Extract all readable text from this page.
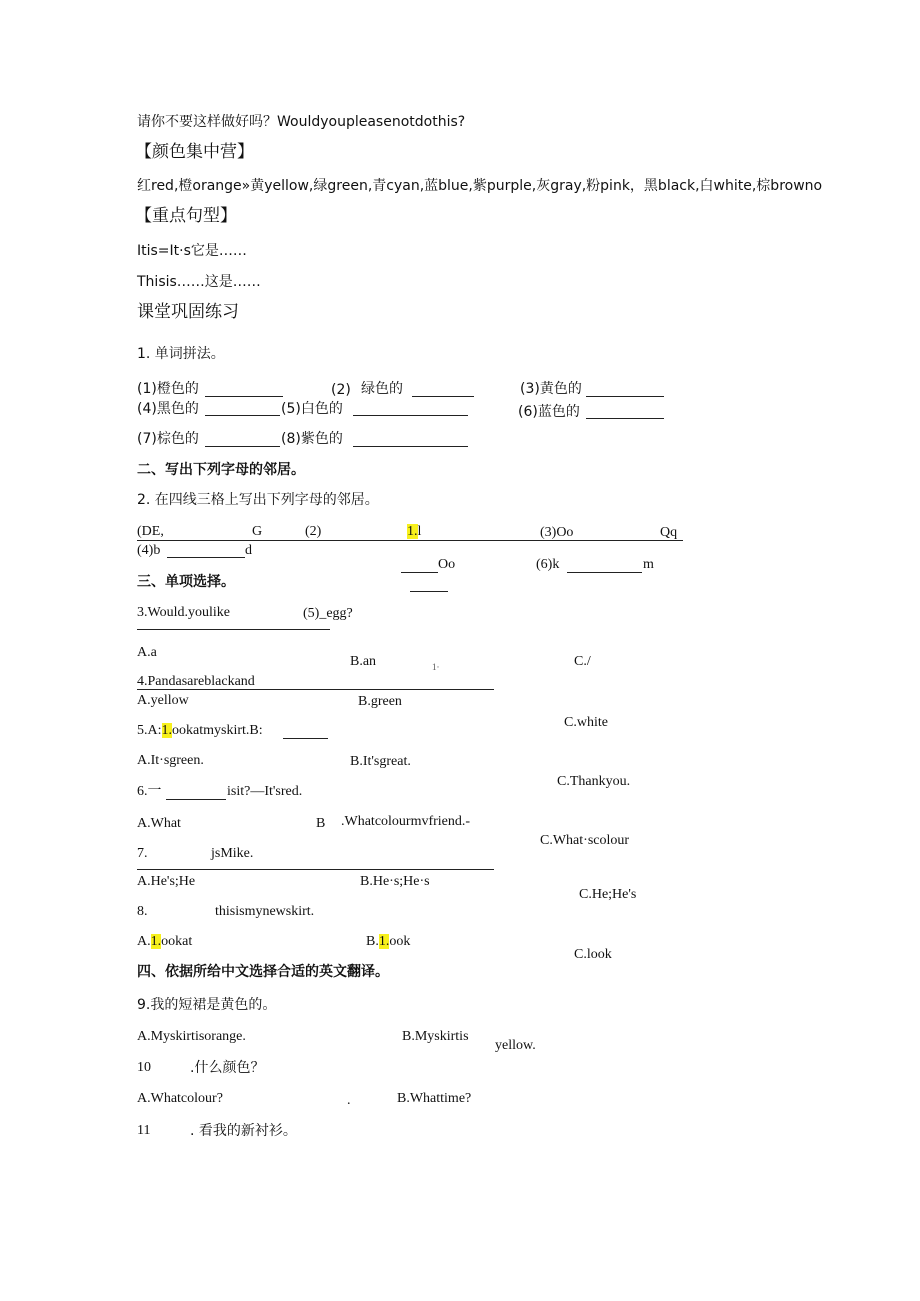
请你不要这样做好吗？Wouldyoupleasenotdothis?
【颜色集中营】
红red,橙orange»黄yellow,绿green,青cyan,蓝blue,紫purple,灰gray,粉pink，黑black,白white,棕browno
【重点句型】
Itis=It·s它是……
Thisis……这是……
课堂巩固练习
1. 单词拼法。
(1)橙色的	(2) 绿色的	(3)黄色的
(4)黑色的	(5)白色的	(6)蓝色的
(7)棕色的	(8)紫色的
二、写出下列字母的邻居。
2. 在四线三格上写出下列字母的邻居。
(DE,	G	(2)	1.l	(3)Oo	Qq
(4)b	d
Oo	(6)k	m
三、单项选择。
3.Would.youlike	(5)_egg?
A.a
B.an	1·	C./
4.Pandasareblackand
A.yellow	B.green
C.white
5.A:1.ookatmyskirt.B:
A.It·sgreen.	B.It'sgreat.
C.Thankyou.
6.一	isit?—It'sred.
A.What	B .Whatcolourmvfriend.-
C.What·scolour
7.	jsMike.
A.He's;He	B.He·s;He·s
C.He;He's
8.	thisismynewskirt.
A.1.ookat	B.1.ook
C.look
四、依据所给中文选择合适的英文翻译。
9.我的短裙是黄色的。
A.Myskirtisorange.	B.Myskirtis
yellow.
10	.什么颜色？
A.Whatcolour?	.	B.Whattime?
11	. 看我的新衬衫。
